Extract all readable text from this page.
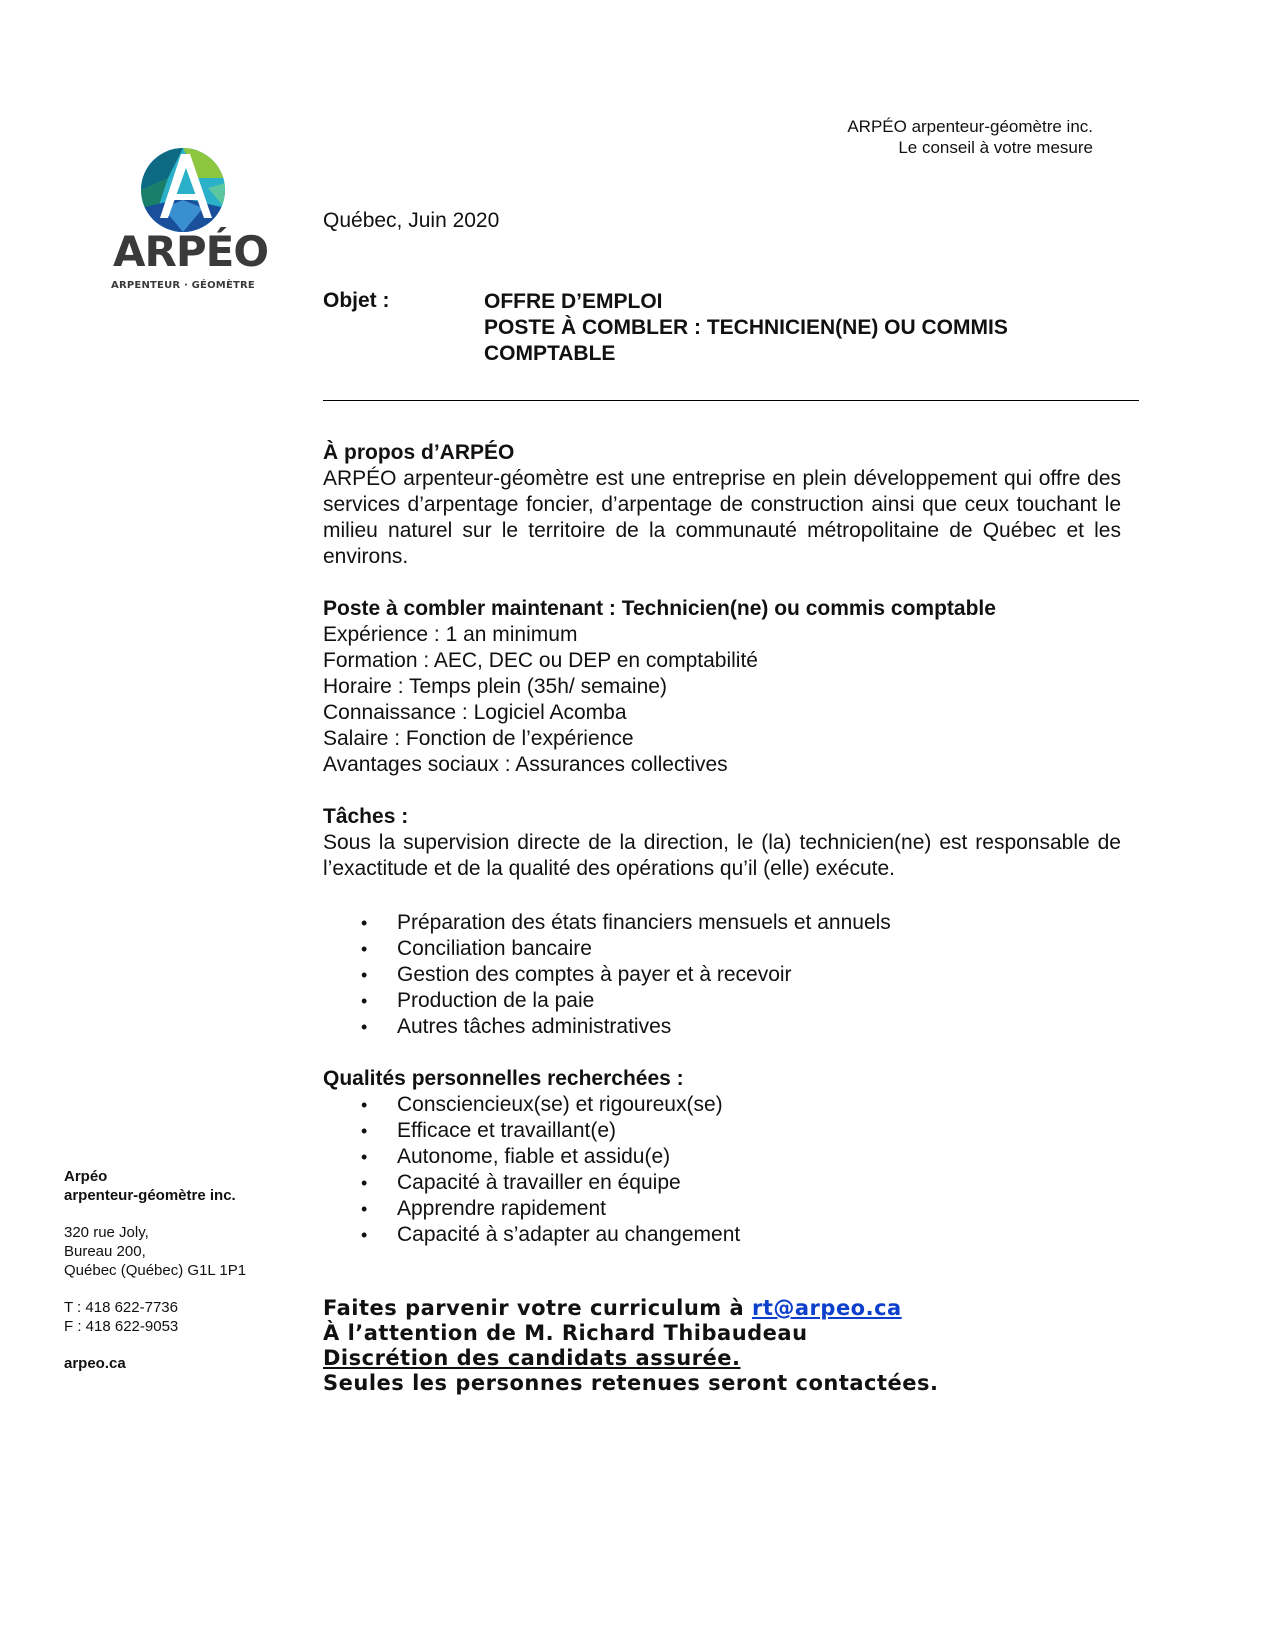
ARPÉO arpenteur-géomètre inc.
Le conseil à votre mesure
ARPÉO
ARPENTEUR · GÉOMÈTRE
Québec, Juin 2020
Objet :	OFFRE D’EMPLOI
POSTE À COMBLER : TECHNICIEN(NE) OU COMMIS
COMPTABLE
À propos d’ARPÉO
ARPÉO arpenteur-géomètre est une entreprise en plein développement qui offre des services d’arpentage foncier, d’arpentage de construction ainsi que ceux touchant le milieu naturel sur le territoire de la communauté métropolitaine de Québec et les environs.
Poste à combler maintenant : Technicien(ne) ou commis comptable
Expérience : 1 an minimum
Formation : AEC, DEC ou DEP en comptabilité
Horaire : Temps plein (35h/ semaine)
Connaissance : Logiciel Acomba
Salaire : Fonction de l’expérience
Avantages sociaux : Assurances collectives
Tâches :
Sous la supervision directe de la direction, le (la) technicien(ne) est responsable de l’exactitude et de la qualité des opérations qu’il (elle) exécute.
• Préparation des états financiers mensuels et annuels
• Conciliation bancaire
• Gestion des comptes à payer et à recevoir
• Production de la paie
• Autres tâches administratives
Qualités personnelles recherchées :
• Consciencieux(se) et rigoureux(se)
• Efficace et travaillant(e)
• Autonome, fiable et assidu(e)
• Capacité à travailler en équipe
• Apprendre rapidement
• Capacité à s’adapter au changement
Faites parvenir votre curriculum à rt@arpeo.ca
À l’attention de M. Richard Thibaudeau
Discrétion des candidats assurée.
Seules les personnes retenues seront contactées.
Arpéo
arpenteur-géomètre inc.
320 rue Joly,
Bureau 200,
Québec (Québec) G1L 1P1
T : 418 622-7736
F : 418 622-9053
arpeo.ca
